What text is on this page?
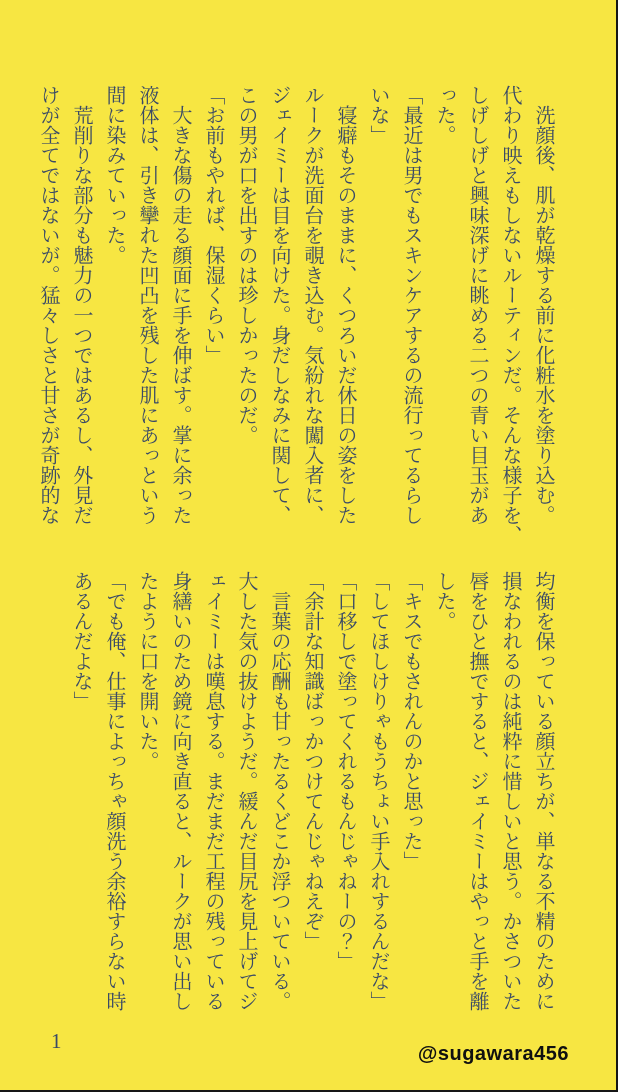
　洗顔後、肌が乾燥する前に化粧水を塗り込む。

代わり映えもしないルーティンだ。そんな様子を、

しげしげと興味深げに眺める二つの青い目玉があ

った。

「最近は男でもスキンケアするの流行ってるらし

いな」

　寝癖もそのままに、くつろいだ休日の姿をした

ルークが洗面台を覗き込む。気紛れな闖入者に、

ジェイミーは目を向けた。身だしなみに関して、

この男が口を出すのは珍しかったのだ。

「お前もやれば、保湿くらい」

　大きな傷の走る顔面に手を伸ばす。掌に余った

液体は、引き攣れた凹凸を残した肌にあっという

間に染みていった。

　荒削りな部分も魅力の一つではあるし、外見だ

けが全てではないが。猛々しさと甘さが奇跡的な

均衡を保っている顔立ちが、単なる不精のために

損なわれるのは純粋に惜しいと思う。かさついた

唇をひと撫ですると、ジェイミーはやっと手を離

した。

「キスでもされんのかと思った」

「してほしけりゃもうちょい手入れするんだな」

「口移しで塗ってくれるもんじゃねーの？」

「余計な知識ばっかつけてんじゃねえぞ」

　言葉の応酬も甘ったるくどこか浮ついている。

大した気の抜けようだ。緩んだ目尻を見上げてジ

ェイミーは嘆息する。まだまだ工程の残っている

身繕いのため鏡に向き直ると、ルークが思い出し

たように口を開いた。

「でも俺、仕事によっちゃ顔洗う余裕すらない時

あるんだよな」

1
@sugawara456
